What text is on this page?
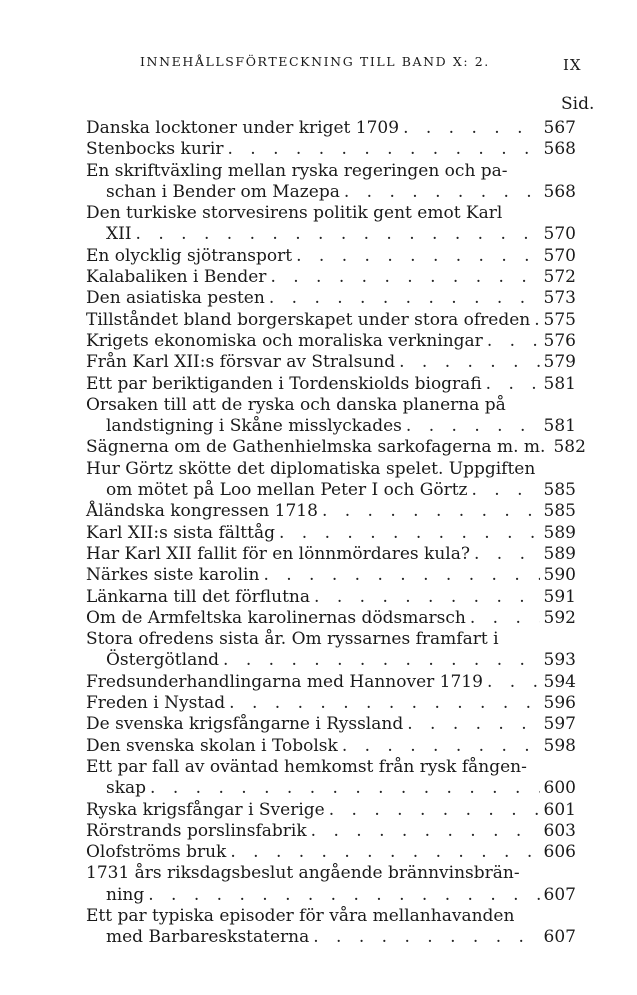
INNEHÅLLSFÖRTECKNING TILL BAND X: 2.	IX
Sid.
Danska locktoner under kriget 1709 . . .	567
Stenbocks kurir . . .	568
En skriftväxling mellan ryska regeringen och pa-
schan i Bender om Mazepa . . .	568
Den turkiske storvesirens politik gent emot Karl
XII . . .	570
En olycklig sjötransport . . .	570
Kalabaliken i Bender . . .	572
Den asiatiska pesten . . .	573
Tillståndet bland borgerskapet under stora ofreden . . . 575
Krigets ekonomiska och moraliska verkningar . . .	576
Från Karl XII:s försvar av Stralsund . . .	579
Ett par beriktiganden i Tordenskiolds biografi . . .	581
Orsaken till att de ryska och danska planerna på
landstigning i Skåne misslyckades . . .	581
Sägnerna om de Gathenhielmska sarkofagerna m. m. 582
Hur Görtz skötte det diplomatiska spelet. Uppgiften
om mötet på Loo mellan Peter I och Görtz . . .	585
Åländska kongressen 1718 . . .	585
Karl XII:s sista fälttåg . . .	589
Har Karl XII fallit för en lönnmördares kula? . . .	589
Närkes siste karolin . . .	590
Länkarna till det förflutna . . .	591
Om de Armfeltska karolinernas dödsmarsch . . .	592
Stora ofredens sista år. Om ryssarnes framfart i
Östergötland . . .	593
Fredsunderhandlingarna med Hannover 1719 . . .	594
Freden i Nystad . . .	596
De svenska krigsfångarne i Ryssland . . .	597
Den svenska skolan i Tobolsk . . .	598
Ett par fall av oväntad hemkomst från rysk fången-
skap . . .	600
Ryska krigsfångar i Sverige . . .	601
Rörstrands porslinsfabrik . . .	603
Olofströms bruk . . .	606
1731 års riksdagsbeslut angående brännvinsbrän-
ning . . .	607
Ett par typiska episoder för våra mellanhavanden
med Barbareskstaterna . . .	607
